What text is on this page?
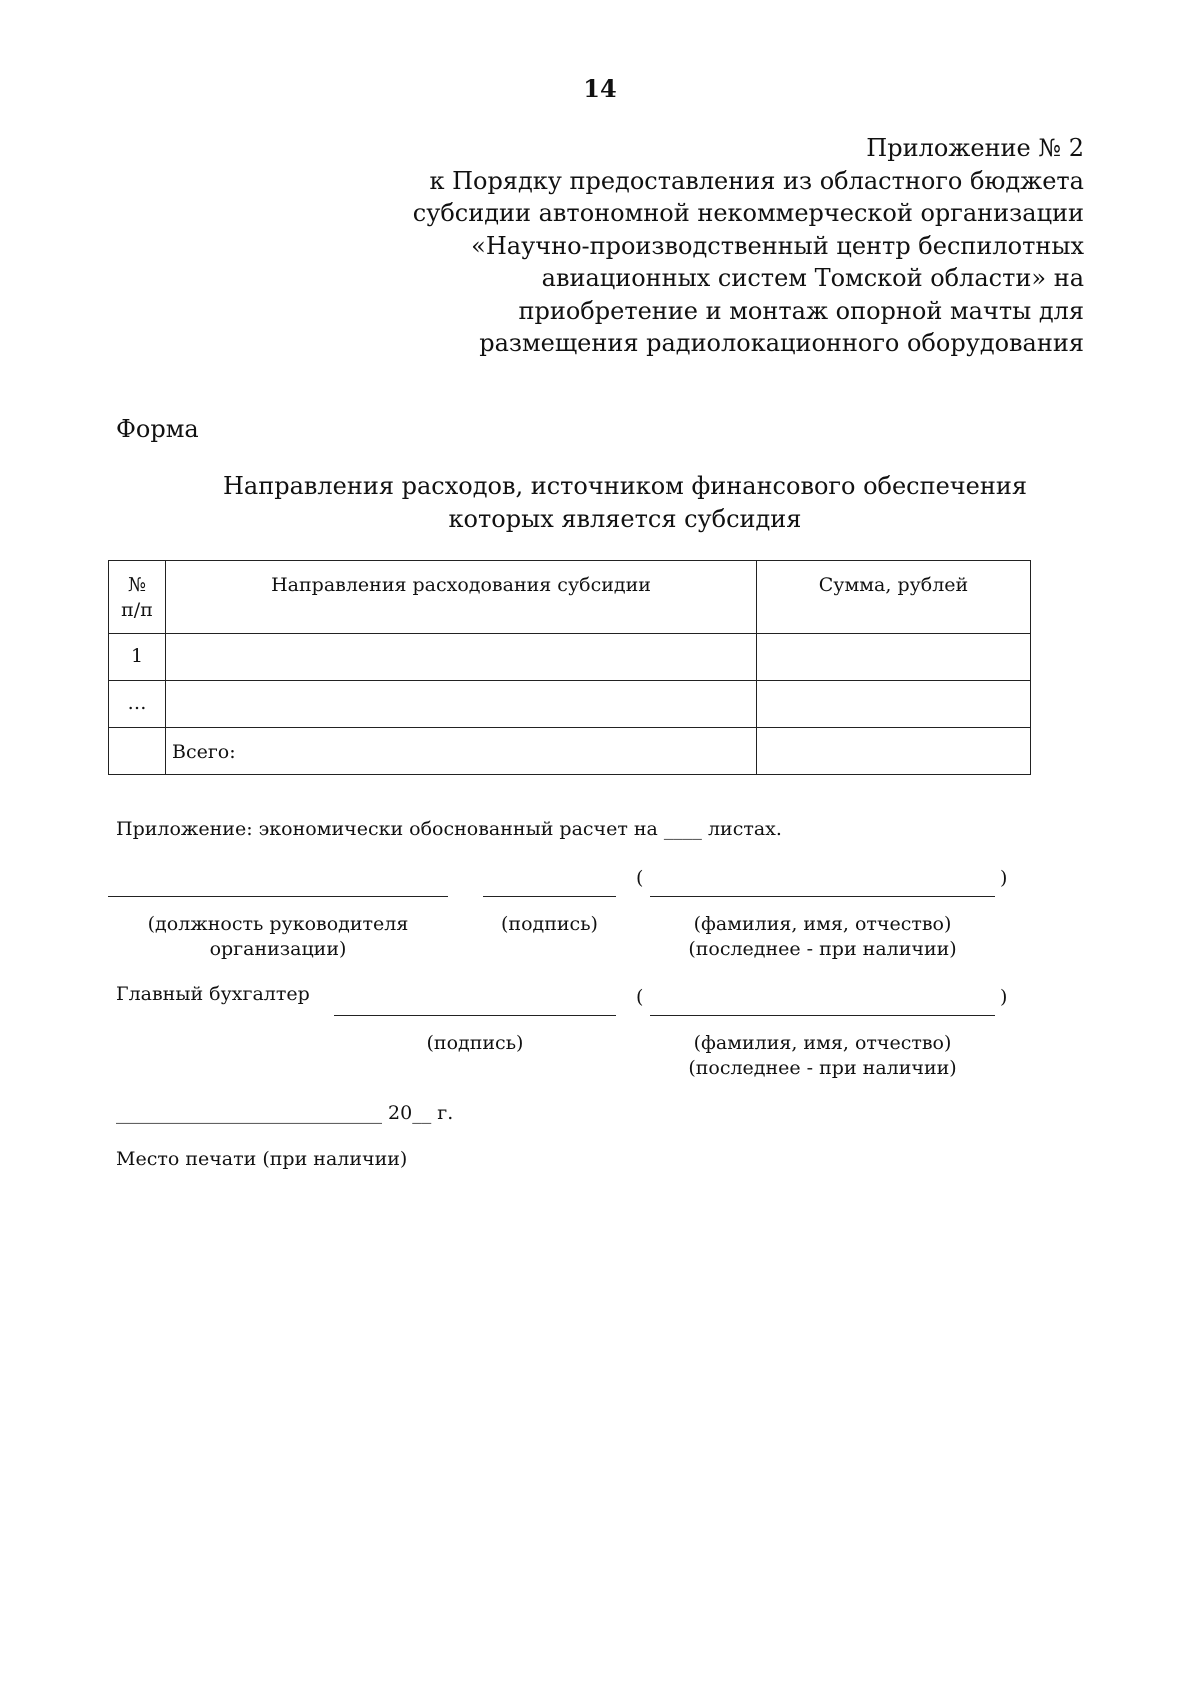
14
Приложение № 2
к Порядку предоставления из областного бюджета
субсидии автономной некоммерческой организации
«Научно-производственный центр беспилотных
авиационных систем Томской области» на
приобретение и монтаж опорной мачты для
размещения радиолокационного оборудования
Форма
Направления расходов, источником финансового обеспечения
которых является субсидия
№
п/п	Направления расходования субсидии	Сумма, рублей
1		
…		
	Всего:	
Приложение: экономически обоснованный расчет на ____ листах.
(	)
(должность руководителя
организации)
(подпись)	(фамилия, имя, отчество)
(последнее - при наличии)
Главный бухгалтер	(	)
(подпись)	(фамилия, имя, отчество)
(последнее - при наличии)
____________________________ 20__ г.
Место печати (при наличии)
